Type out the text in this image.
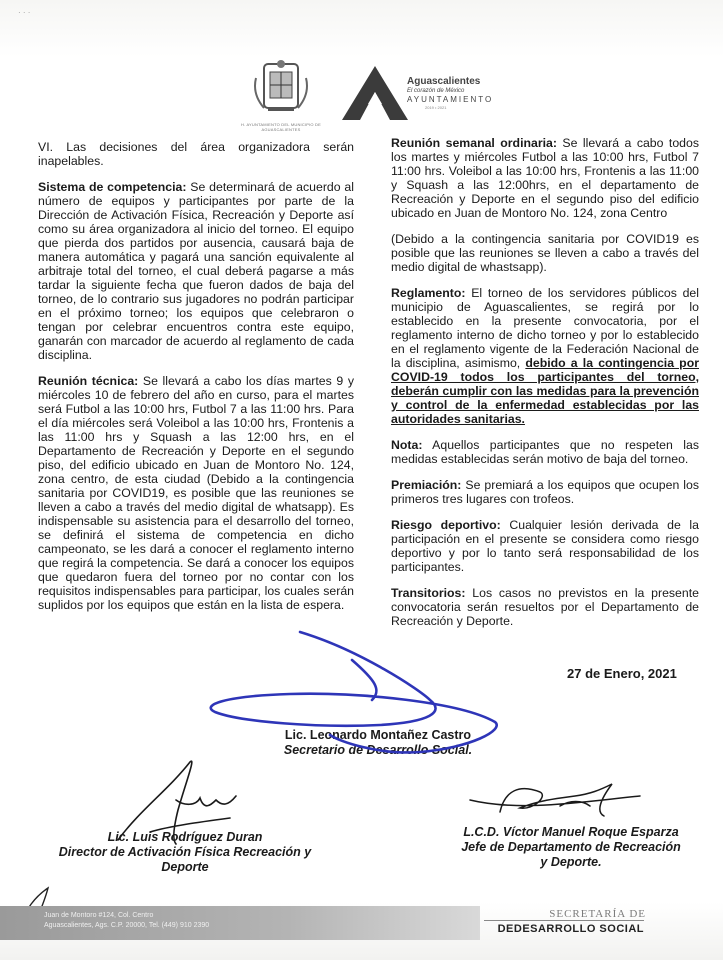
· · ·
H. AYUNTAMIENTO DEL MUNICIPIO DE AGUASCALIENTES
Aguascalientes
El corazón de México
AYUNTAMIENTO
2019 • 2021

VI. Las decisiones del área organizadora serán inapelables.

Sistema de competencia: Se determinará de acuerdo al número de equipos y participantes por parte de la Dirección de Activación Física, Recreación y Deporte así como su área organizadora al inicio del torneo. El equipo que pierda dos partidos por ausencia, causará baja de manera automática y pagará una sanción equivalente al arbitraje total del torneo, el cual deberá pagarse a más tardar la siguiente fecha que fueron dados de baja del torneo, de lo contrario sus jugadores no podrán participar en el próximo torneo; los equipos que celebraron o tengan por celebrar encuentros contra este equipo, ganarán con marcador de acuerdo al reglamento de cada disciplina.

Reunión técnica: Se llevará a cabo los días martes 9 y miércoles 10 de febrero del año en curso, para el martes será Futbol a las 10:00 hrs, Futbol 7 a las 11:00 hrs. Para el día miércoles será Voleibol a las 10:00 hrs, Frontenis a las 11:00 hrs y Squash a las 12:00 hrs, en el Departamento de Recreación y Deporte en el segundo piso, del edificio ubicado en Juan de Montoro No. 124, zona centro, de esta ciudad (Debido a la contingencia sanitaria por COVID19, es posible que las reuniones se lleven a cabo a través del medio digital de whatsapp). Es indispensable su asistencia para el desarrollo del torneo, se definirá el sistema de competencia en dicho campeonato, se les dará a conocer el reglamento interno que regirá la competencia. Se dará a conocer los equipos que quedaron fuera del torneo por no contar con los requisitos indispensables para participar, los cuales serán suplidos por los equipos que están en la lista de espera.

Reunión semanal ordinaria: Se llevará a cabo todos los martes y miércoles Futbol a las 10:00 hrs, Futbol 7 11:00 hrs. Voleibol a las 10:00 hrs, Frontenis a las 11:00 y Squash a las 12:00hrs, en el departamento de Recreación y Deporte en el segundo piso del edificio ubicado en Juan de Montoro No. 124, zona Centro

(Debido a la contingencia sanitaria por COVID19 es posible que las reuniones se lleven a cabo a través del medio digital de whastsapp).

Reglamento: El torneo de los servidores públicos del municipio de Aguascalientes, se regirá por lo establecido en la presente convocatoria, por el reglamento interno de dicho torneo y por lo establecido en el reglamento vigente de la Federación Nacional de la disciplina, asimismo, debido a la contingencia por COVID-19 todos los participantes del torneo, deberán cumplir con las medidas para la prevención y control de la enfermedad establecidas por las autoridades sanitarias.

Nota: Aquellos participantes que no respeten las medidas establecidas serán motivo de baja del torneo.

Premiación: Se premiará a los equipos que ocupen los primeros tres lugares con trofeos.

Riesgo deportivo: Cualquier lesión derivada de la participación en el presente se considera como riesgo deportivo y por lo tanto será responsabilidad de los participantes.

Transitorios: Los casos no previstos en la presente convocatoria serán resueltos por el Departamento de Recreación y Deporte.

27 de Enero, 2021
Lic. Leonardo Montañez Castro
Secretario de Desarrollo Social.
Lic. Luis Rodríguez Duran
Director de Activación Física Recreación y
Deporte
L.C.D. Víctor Manuel Roque Esparza
Jefe de Departamento de Recreación
y Deporte.
Juan de Montoro #124, Col. Centro
Aguascalientes, Ags. C.P. 20000, Tel. (449) 910 2390
SECRETARÍA DE
DEDESARROLLO SOCIAL
